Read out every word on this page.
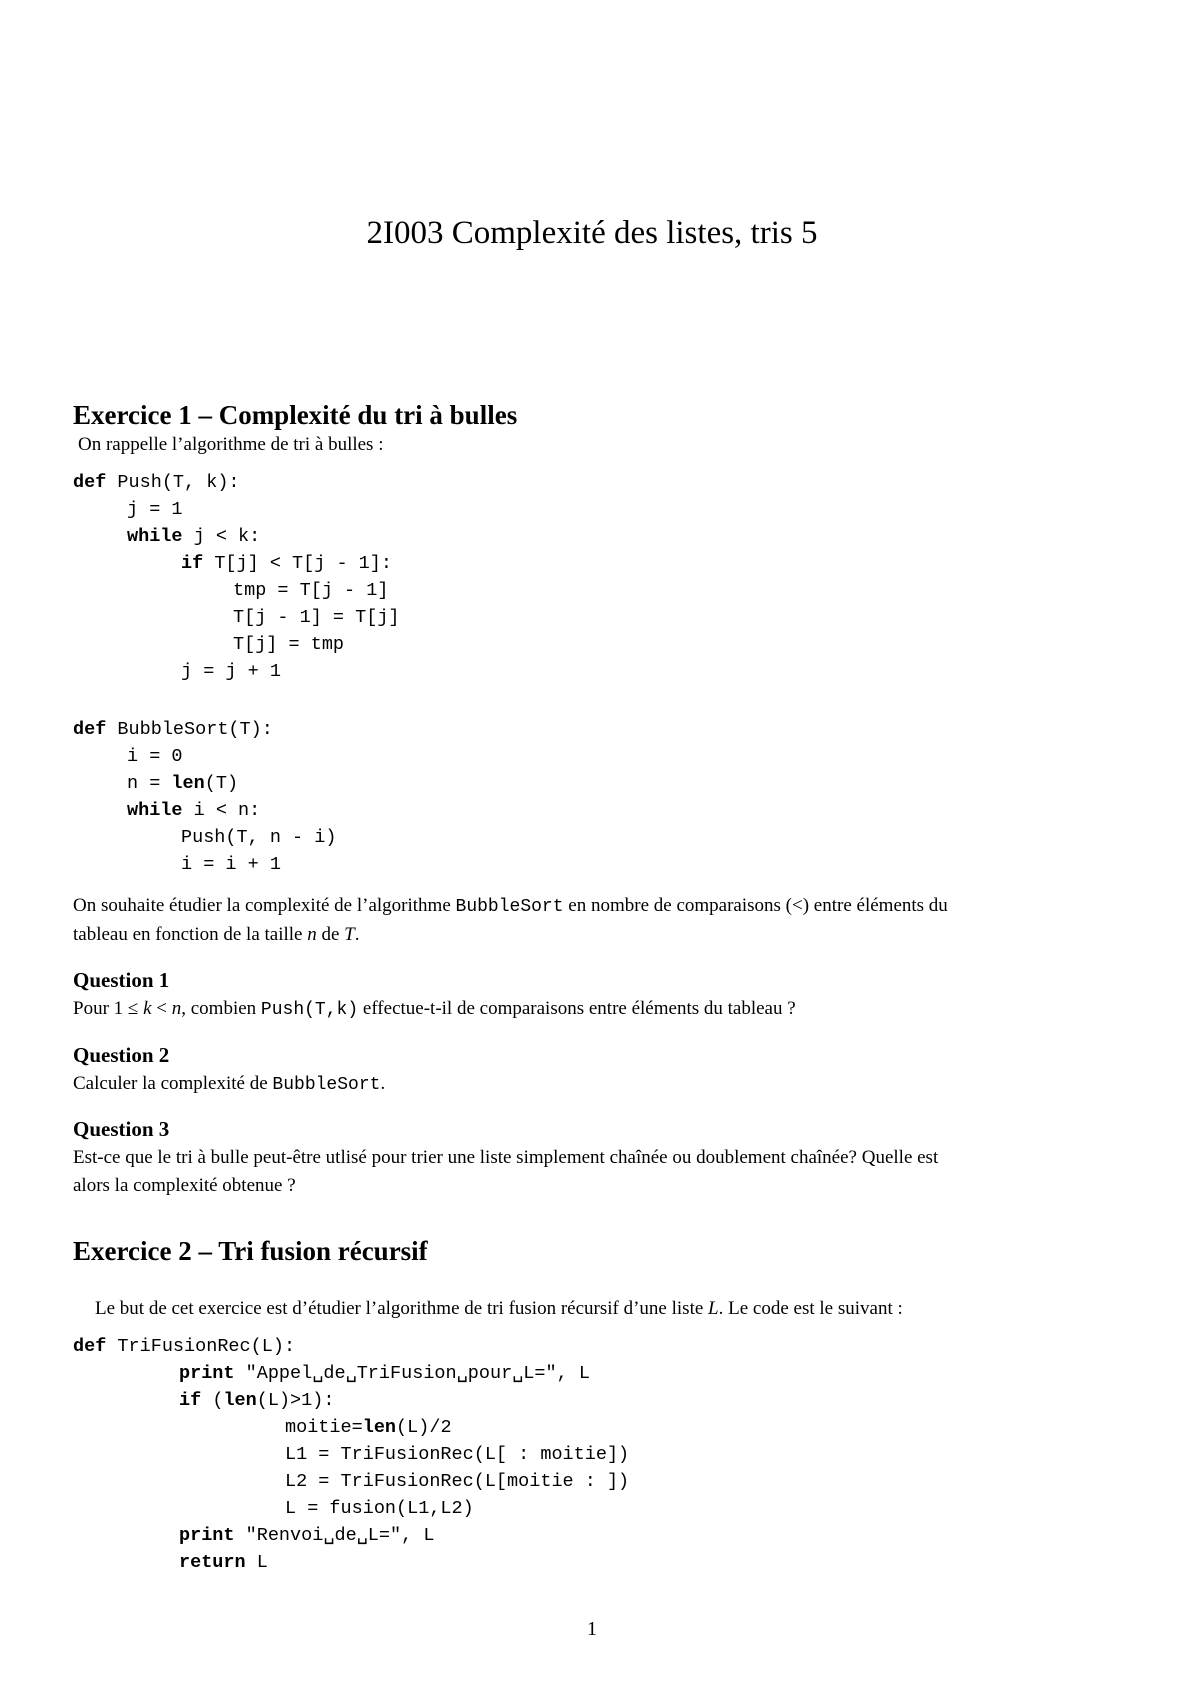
2I003 Complexité des listes, tris 5
Exercice 1 – Complexité du tri à bulles
On rappelle l’algorithme de tri à bulles :
def Push(T, k):
j = 1
while j < k:
if T[j] < T[j - 1]:
tmp = T[j - 1]
T[j - 1] = T[j]
T[j] = tmp
j = j + 1
def BubbleSort(T):
i = 0
n = len(T)
while i < n:
Push(T, n - i)
i = i + 1
On souhaite étudier la complexité de l’algorithme BubbleSort en nombre de comparaisons (<) entre éléments du
tableau en fonction de la taille n de T.
Question 1
Pour 1 ≤ k < n, combien Push(T,k) effectue-t-il de comparaisons entre éléments du tableau ?
Question 2
Calculer la complexité de BubbleSort.
Question 3
Est-ce que le tri à bulle peut-être utlisé pour trier une liste simplement chaînée ou doublement chaînée? Quelle est
alors la complexité obtenue ?
Exercice 2 – Tri fusion récursif
Le but de cet exercice est d’étudier l’algorithme de tri fusion récursif d’une liste L. Le code est le suivant :
def TriFusionRec(L):
print "Appel␣de␣TriFusion␣pour␣L=", L
if (len(L)>1):
moitie=len(L)/2
L1 = TriFusionRec(L[ : moitie])
L2 = TriFusionRec(L[moitie : ])
L = fusion(L1,L2)
print "Renvoi␣de␣L=", L
return L
1
